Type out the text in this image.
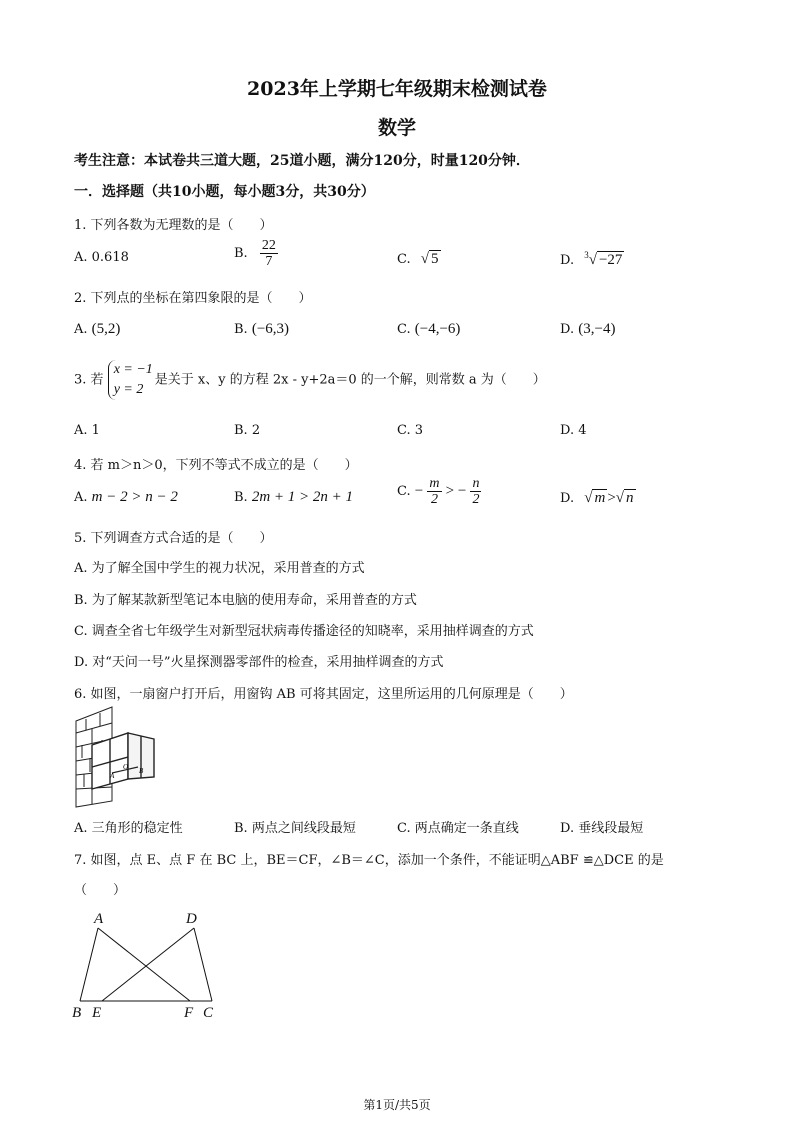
2023年上学期七年级期末检测试卷
数学
考生注意：本试卷共三道大题，25道小题，满分120分，时量120分钟．
一．选择题（共10小题，每小题3分，共30分）
1. 下列各数为无理数的是（　　）
A. 0.618	B. $\frac{22}{7}$	C. √ 5	D. $^3$√ −27
2. 下列点的坐标在第四象限的是（　　）
A. (5,2)	B. (−6,3)	C. (−4,−6)	D. (3,−4)
3. 若 x = −1
y = 2是关于 x、y 的方程 2x - y+2a＝0 的一个解，则常数 a 为（　　）
A. 1	B. 2	C. 3	D. 4
4. 若 m＞n＞0，下列不等式不成立的是（　　）
A. m − 2 > n − 2	B. 2m + 1 > 2n + 1	C. − $\frac{m}{2}$ > − $\frac{n}{2}$	D. √ m >√ n
5. 下列调查方式合适的是（　　）
A. 为了解全国中学生的视力状况，采用普查的方式
B. 为了解某款新型笔记本电脑的使用寿命，采用普查的方式
C. 调查全省七年级学生对新型冠状病毒传播途径的知晓率，采用抽样调查的方式
D. 对“天问一号”火星探测器零部件的检查，采用抽样调查的方式
6. 如图，一扇窗户打开后，用窗钩 AB 可将其固定，这里所运用的几何原理是（　　）
A
O B
A. 三角形的稳定性	B. 两点之间线段最短	C. 两点确定一条直线	D. 垂线段最短
7. 如图，点 E、点 F 在 BC 上，BE＝CF，∠B＝∠C，添加一个条件，不能证明△ABF ≌△DCE 的是
（　　）
A	D
B E	F C
第1页/共5页
